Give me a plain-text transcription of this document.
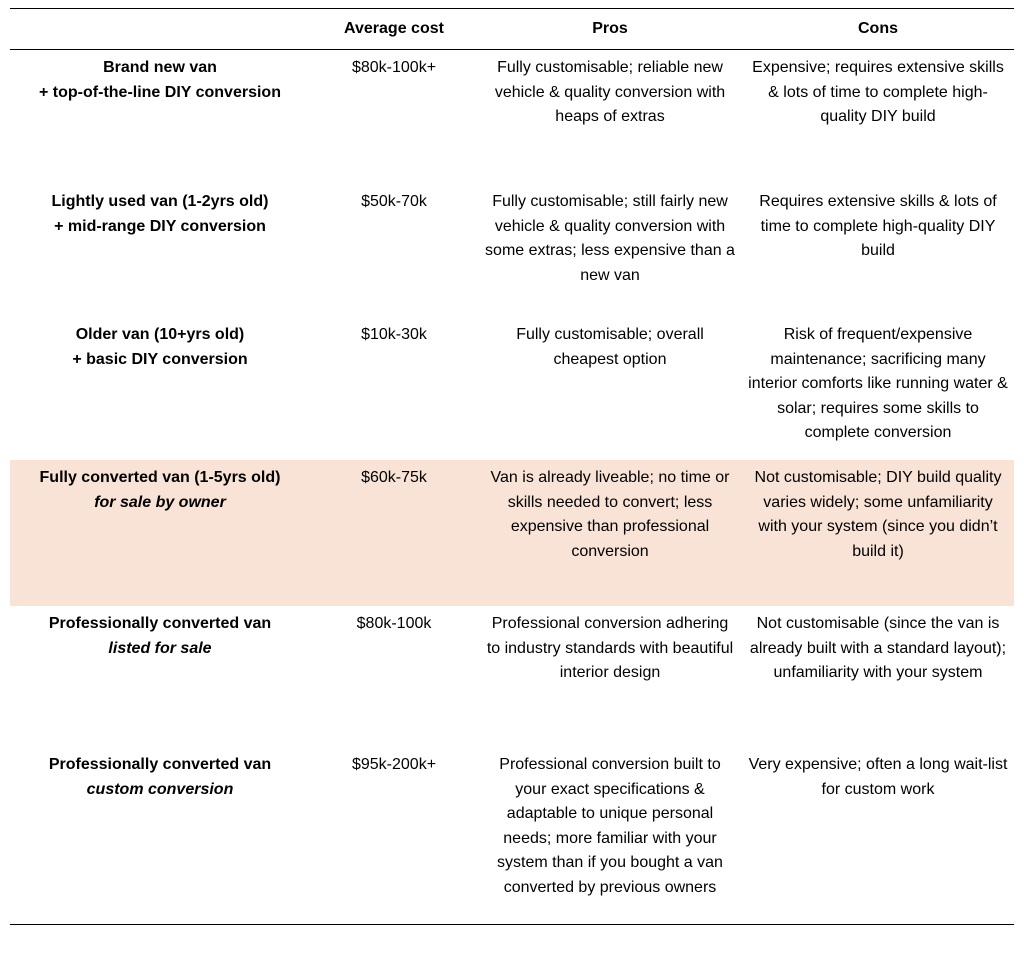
	Average cost	Pros	Cons

Brand new van
+ top-of-the-line DIY conversion	$80k-100k+	Fully customisable; reliable new vehicle & quality conversion with heaps of extras	Expensive; requires extensive skills & lots of time to complete high-quality DIY build

Lightly used van (1-2yrs old)
+ mid-range DIY conversion	$50k-70k	Fully customisable; still fairly new vehicle & quality conversion with some extras; less expensive than a new van	Requires extensive skills & lots of time to complete high-quality DIY build

Older van (10+yrs old)
+ basic DIY conversion	$10k-30k	Fully customisable; overall cheapest option	Risk of frequent/expensive maintenance; sacrificing many interior comforts like running water & solar; requires some skills to complete conversion

Fully converted van (1-5yrs old)
for sale by owner	$60k-75k	Van is already liveable; no time or skills needed to convert; less expensive than professional conversion	Not customisable; DIY build quality varies widely; some unfamiliarity with your system (since you didn’t build it)

Professionally converted van
listed for sale	$80k-100k	Professional conversion adhering to industry standards with beautiful interior design	Not customisable (since the van is already built with a standard layout); unfamiliarity with your system

Professionally converted van
custom conversion	$95k-200k+	Professional conversion built to your exact specifications & adaptable to unique personal needs; more familiar with your system than if you bought a van converted by previous owners	Very expensive; often a long wait-list for custom work
